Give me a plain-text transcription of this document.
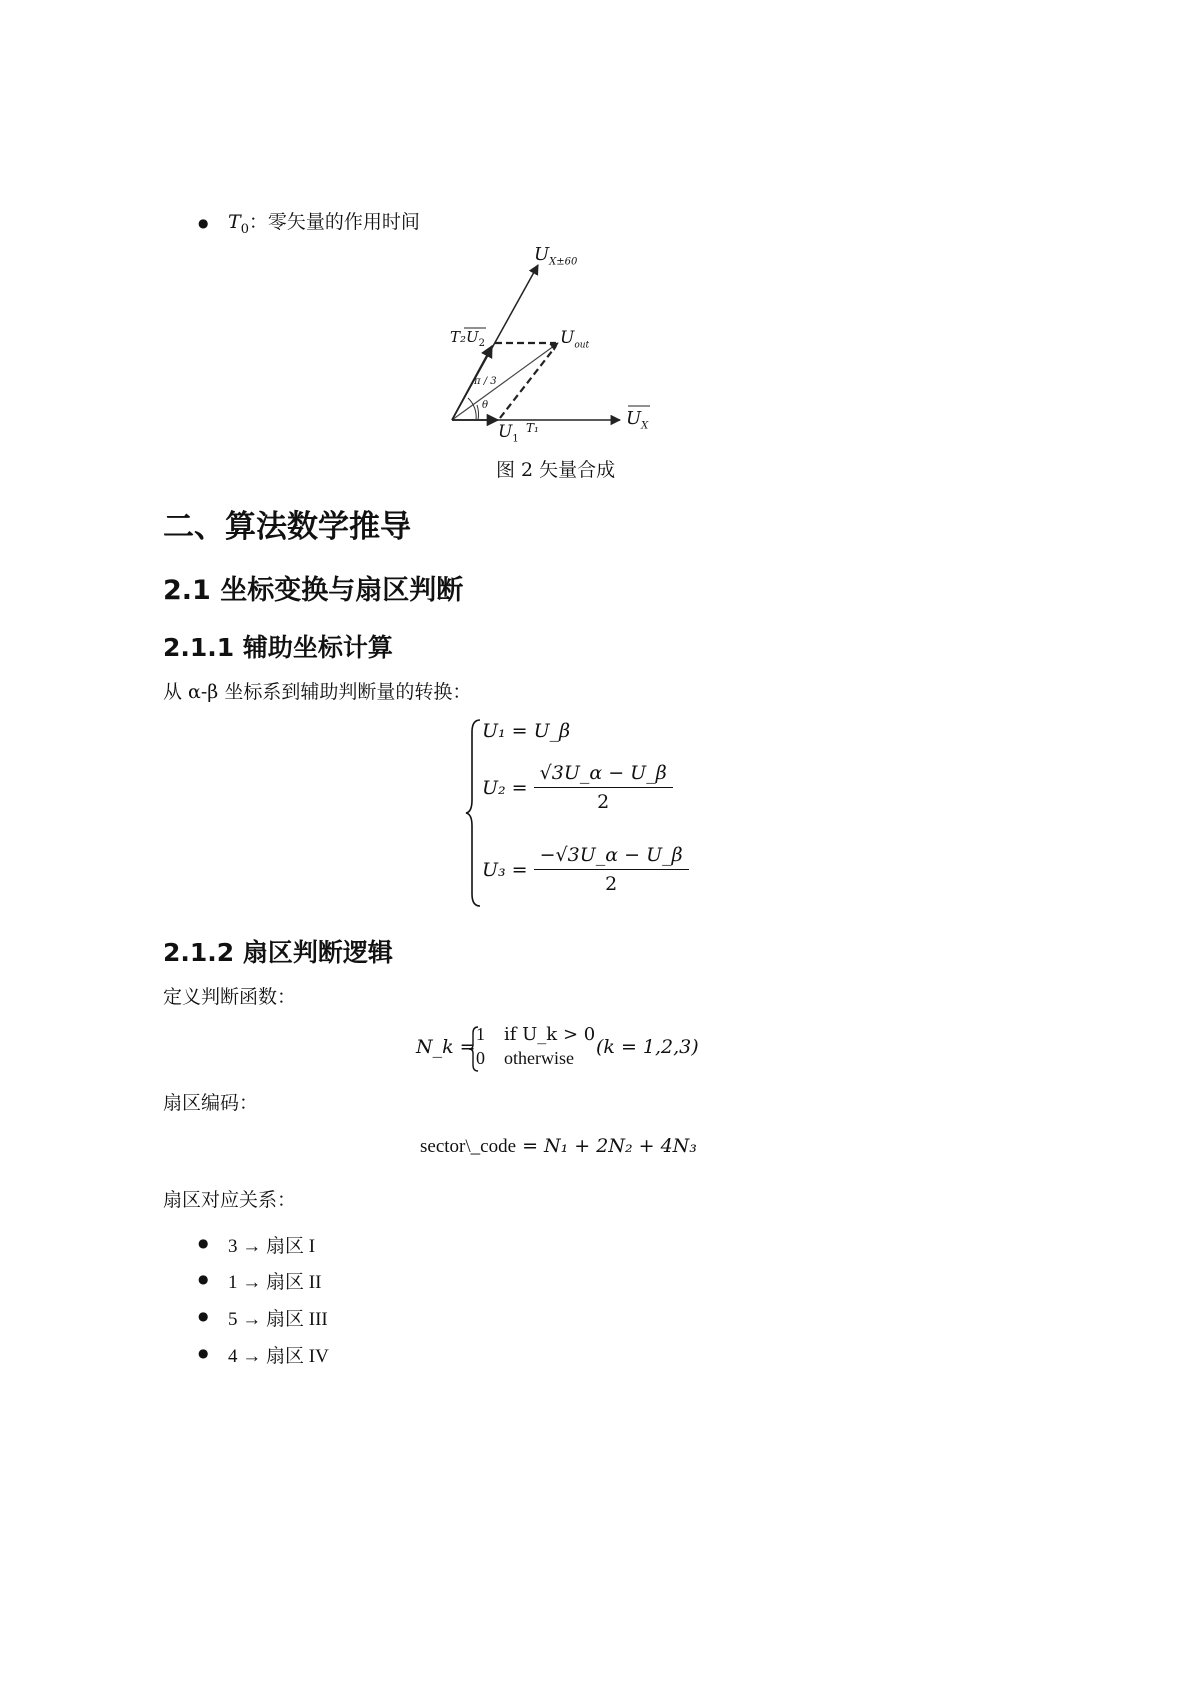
● $T_0$：零矢量的作用时间
$U_{X\pm 60}$
$T_2U_2$	$U_{out}$
π / 3
θ
$U_1$
T₁	$U_X$
图 2 矢量合成
二、算法数学推导
2.1 坐标变换与扇区判断
2.1.1 辅助坐标计算
从 α-β 坐标系到辅助判断量的转换：
U₁ = U_β
$U_2 = \frac{√3U\_\alpha - U\_\beta}{2}$
$U_3 = \frac{-√3U\_\alpha - U\_\beta}{2}$
2.1.2 扇区判断逻辑
定义判断函数：
N_k =
1 if U_k > 0
0 otherwise (k = 1,2,3)
扇区编码：
sector\_code = N₁ + 2N₂ + 4N₃
扇区对应关系：
● 3 → 扇区 I
● 1 → 扇区 II
● 5 → 扇区 III
● 4 → 扇区 IV
